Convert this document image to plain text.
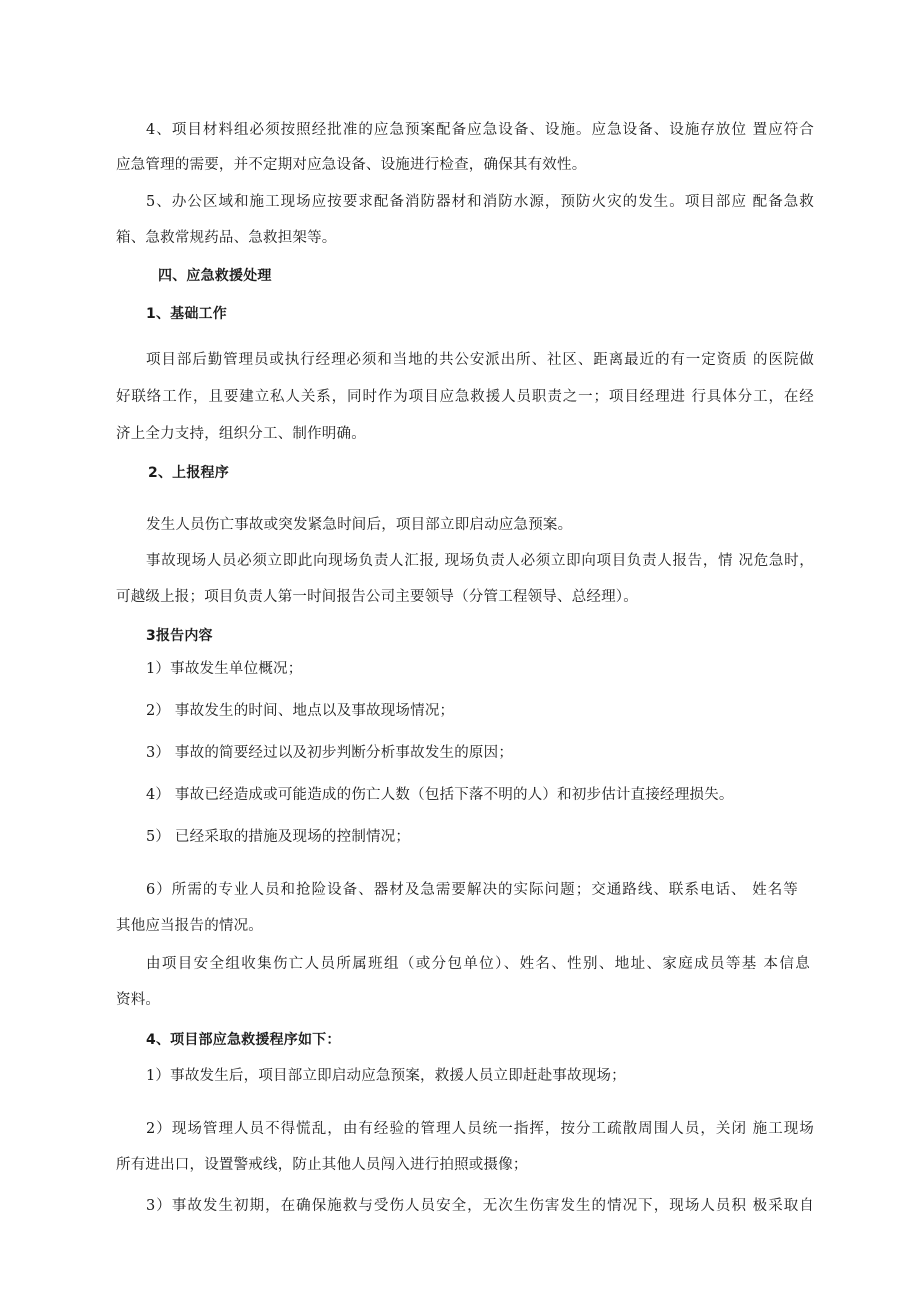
4、项目材料组必须按照经批准的应急预案配备应急设备、设施。应急设备、设施存放位 置应符合
应急管理的需要，并不定期对应急设备、设施进行检查，确保其有效性。
5、办公区域和施工现场应按要求配备消防器材和消防水源，预防火灾的发生。项目部应 配备急救
箱、急救常规药品、急救担架等。
四、应急救援处理
1、基础工作
项目部后勤管理员或执行经理必须和当地的共公安派出所、社区、距离最近的有一定资质 的医院做
好联络工作，且要建立私人关系，同时作为项目应急救援人员职责之一；项目经理进 行具体分工，在经
济上全力支持，组织分工、制作明确。
2、上报程序
发生人员伤亡事故或突发紧急时间后，项目部立即启动应急预案。
事故现场人员必须立即此向现场负责人汇报, 现场负责人必须立即向项目负责人报告，情 况危急时，
可越级上报；项目负责人第一时间报告公司主要领导（分管工程领导、总经理）。
3报告内容
1）事故发生单位概况；
2） 事故发生的时间、地点以及事故现场情况；
3） 事故的简要经过以及初步判断分析事故发生的原因；
4） 事故已经造成或可能造成的伤亡人数（包括下落不明的人）和初步估计直接经理损失。
5） 已经采取的措施及现场的控制情况；
6）所需的专业人员和抢险设备、器材及急需要解决的实际问题；交通路线、联系电话、 姓名等
其他应当报告的情况。
由项目安全组收集伤亡人员所属班组（或分包单位）、姓名、性别、地址、家庭成员等基 本信息
资料。
4、项目部应急救援程序如下：
1）事故发生后，项目部立即启动应急预案，救援人员立即赶赴事故现场；
2）现场管理人员不得慌乱，由有经验的管理人员统一指挥，按分工疏散周围人员，关闭 施工现场
所有进出口，设置警戒线，防止其他人员闯入进行拍照或摄像；
3）事故发生初期，在确保施救与受伤人员安全，无次生伤害发生的情况下，现场人员积 极采取自
